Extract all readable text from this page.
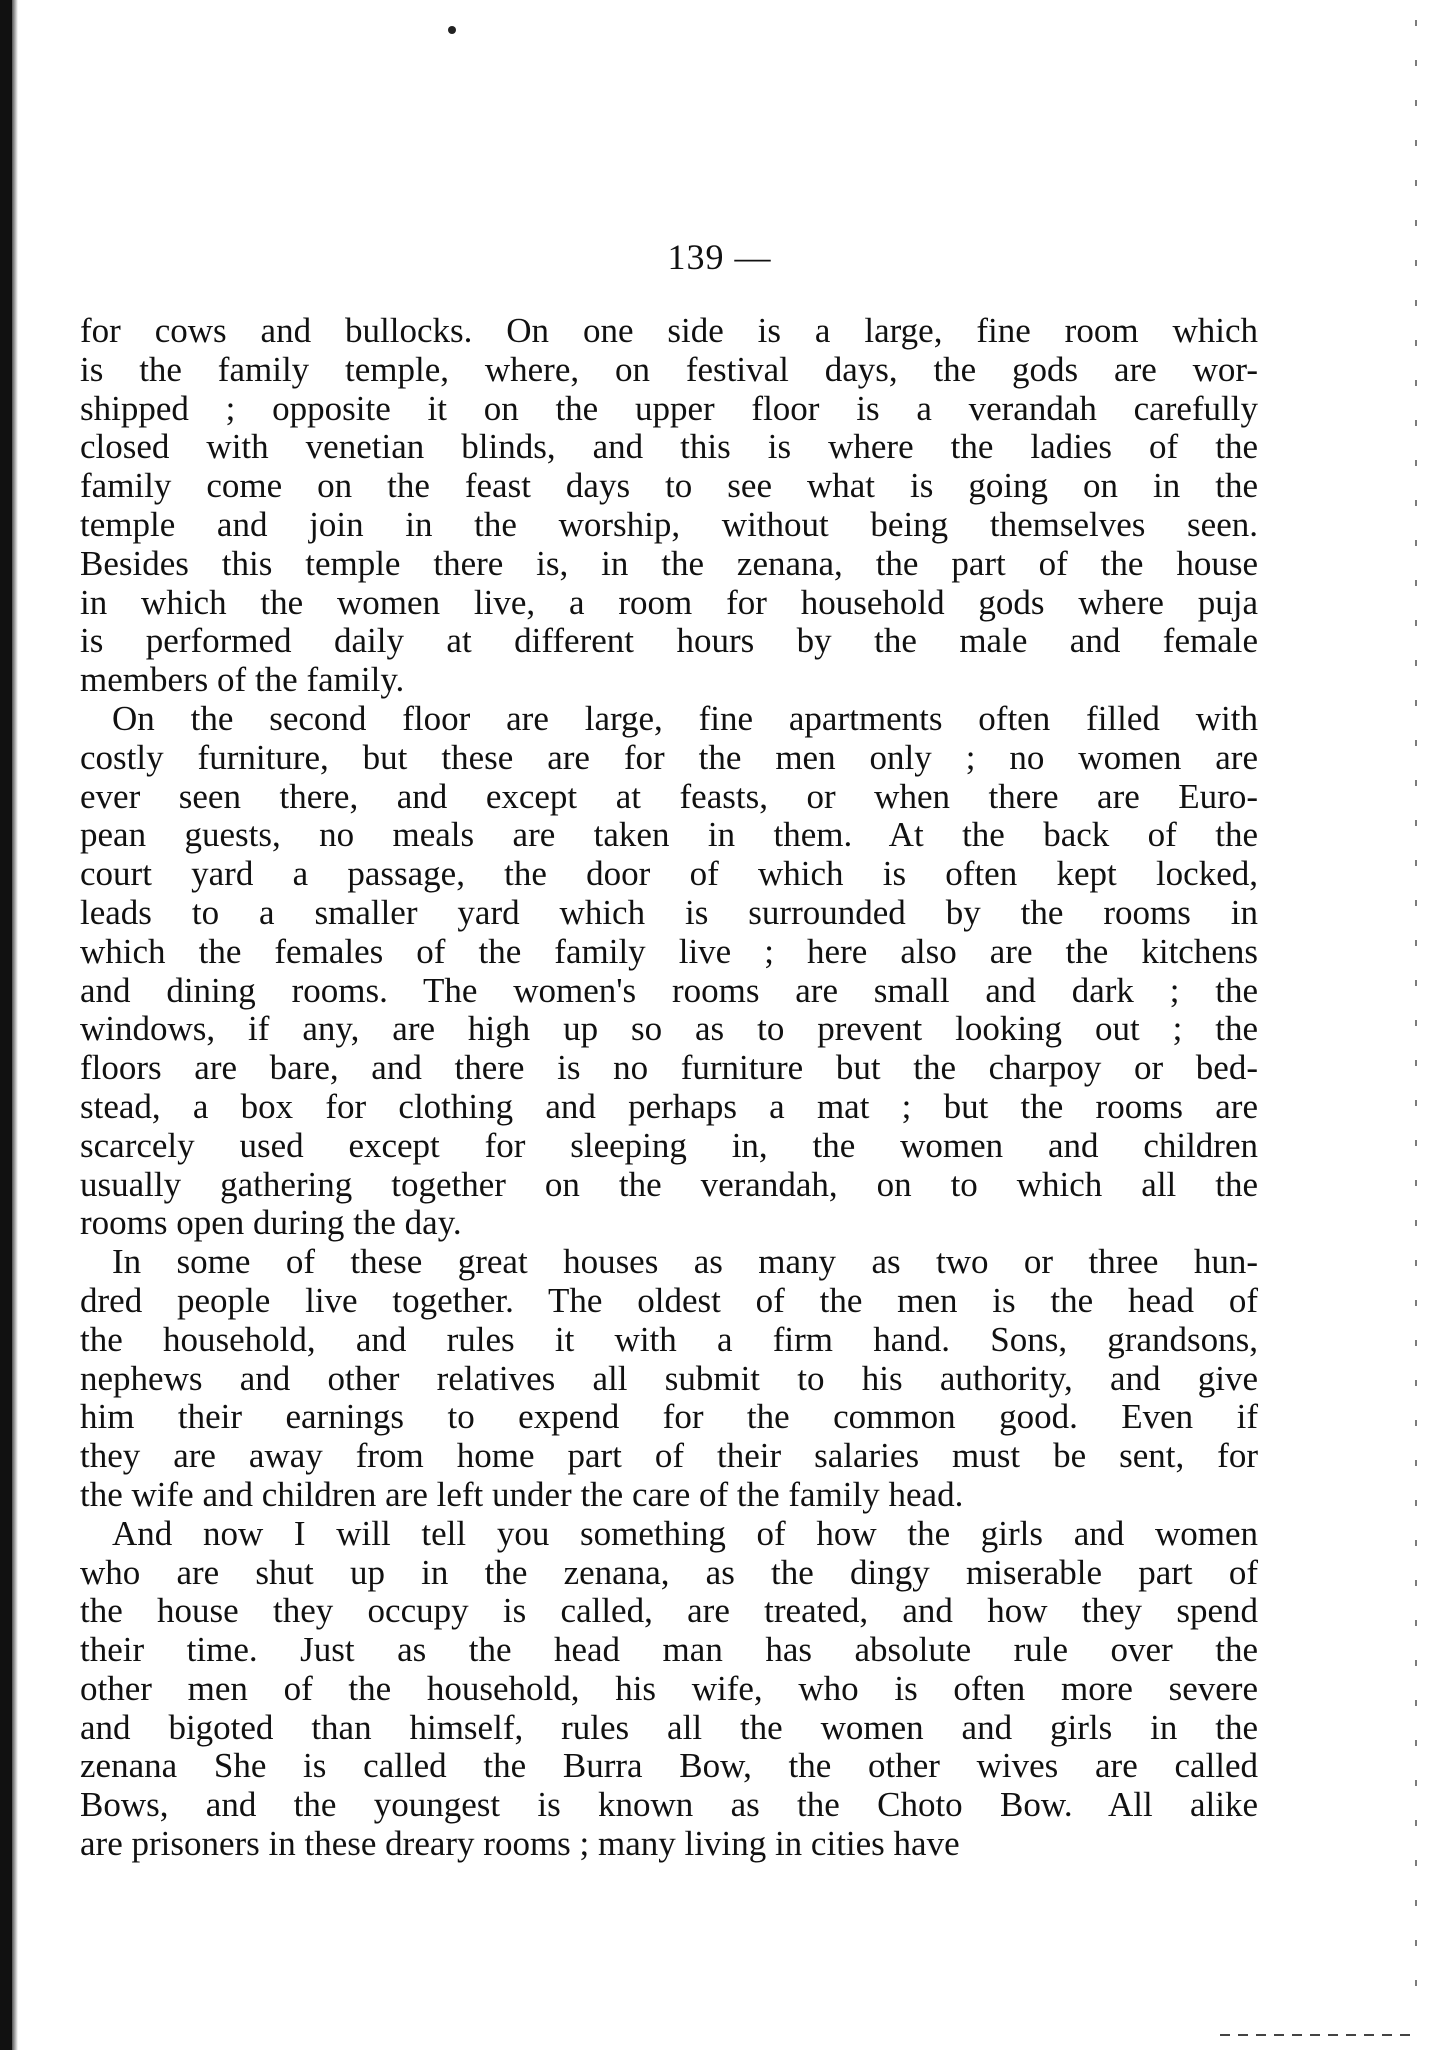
139 —
for cows and bullocks. On one side is a large, fine room which
is the family temple, where, on festival days, the gods are wor-
shipped ; opposite it on the upper floor is a verandah carefully
closed with venetian blinds, and this is where the ladies of the
family come on the feast days to see what is going on in the
temple and join in the worship, without being themselves seen.
Besides this temple there is, in the zenana, the part of the house
in which the women live, a room for household gods where puja
is performed daily at different hours by the male and female
members of the family.
On the second floor are large, fine apartments often filled with
costly furniture, but these are for the men only ; no women are
ever seen there, and except at feasts, or when there are Euro-
pean guests, no meals are taken in them. At the back of the
court yard a passage, the door of which is often kept locked,
leads to a smaller yard which is surrounded by the rooms in
which the females of the family live ; here also are the kitchens
and dining rooms. The women's rooms are small and dark ; the
windows, if any, are high up so as to prevent looking out ; the
floors are bare, and there is no furniture but the charpoy or bed-
stead, a box for clothing and perhaps a mat ; but the rooms are
scarcely used except for sleeping in, the women and children
usually gathering together on the verandah, on to which all the
rooms open during the day.
In some of these great houses as many as two or three hun-
dred people live together. The oldest of the men is the head of
the household, and rules it with a firm hand. Sons, grandsons,
nephews and other relatives all submit to his authority, and give
him their earnings to expend for the common good. Even if
they are away from home part of their salaries must be sent, for
the wife and children are left under the care of the family head.
And now I will tell you something of how the girls and women
who are shut up in the zenana, as the dingy miserable part of
the house they occupy is called, are treated, and how they spend
their time. Just as the head man has absolute rule over the
other men of the household, his wife, who is often more severe
and bigoted than himself, rules all the women and girls in the
zenana She is called the Burra Bow, the other wives are called
Bows, and the youngest is known as the Choto Bow. All alike
are prisoners in these dreary rooms ; many living in cities have
